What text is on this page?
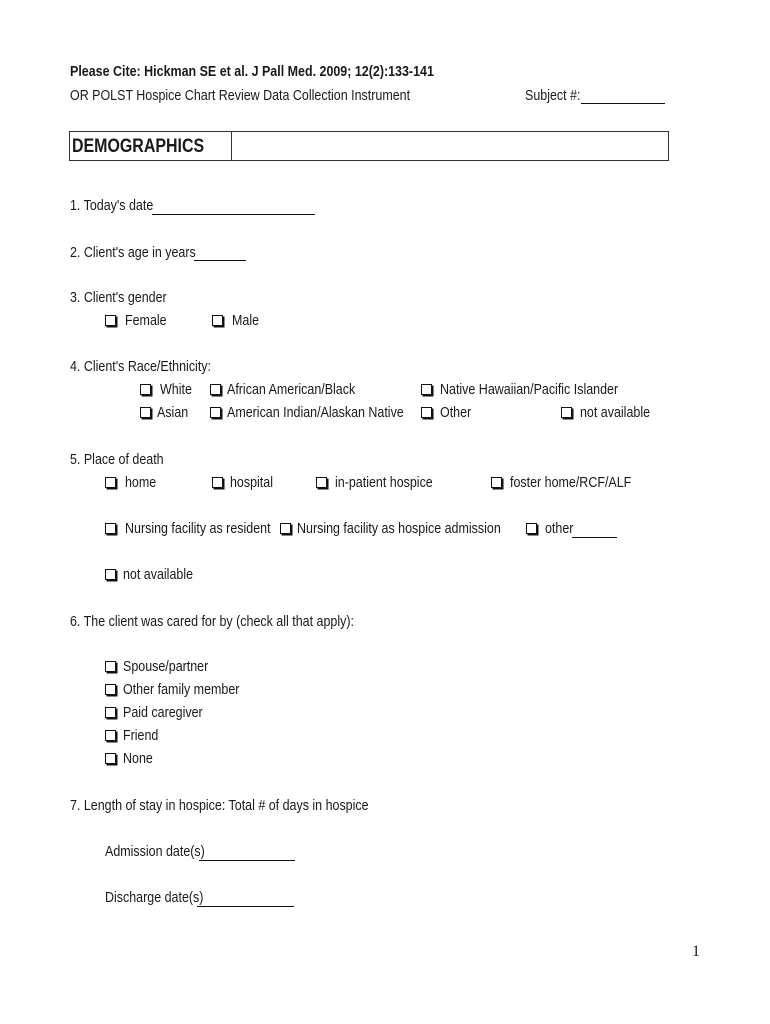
Please Cite: Hickman SE et al. J Pall Med. 2009; 12(2):133-141
OR POLST Hospice Chart Review Data Collection Instrument	Subject #:
DEMOGRAPHICS
1. Today's date
2. Client's age in years
3. Client's gender
Female	Male
4. Client's Race/Ethnicity:
White African American/Black	Native Hawaiian/Pacific Islander
Asian	American Indian/Alaskan Native Other	not available
5. Place of death
home	hospital	in-patient hospice	foster home/RCF/ALF
Nursing facility as resident Nursing facility as hospice admission	other
not available
6. The client was cared for by (check all that apply):
Spouse/partner
Other family member
Paid caregiver
Friend
None
7. Length of stay in hospice: Total # of days in hospice
Admission date(s)
Discharge date(s)
1
